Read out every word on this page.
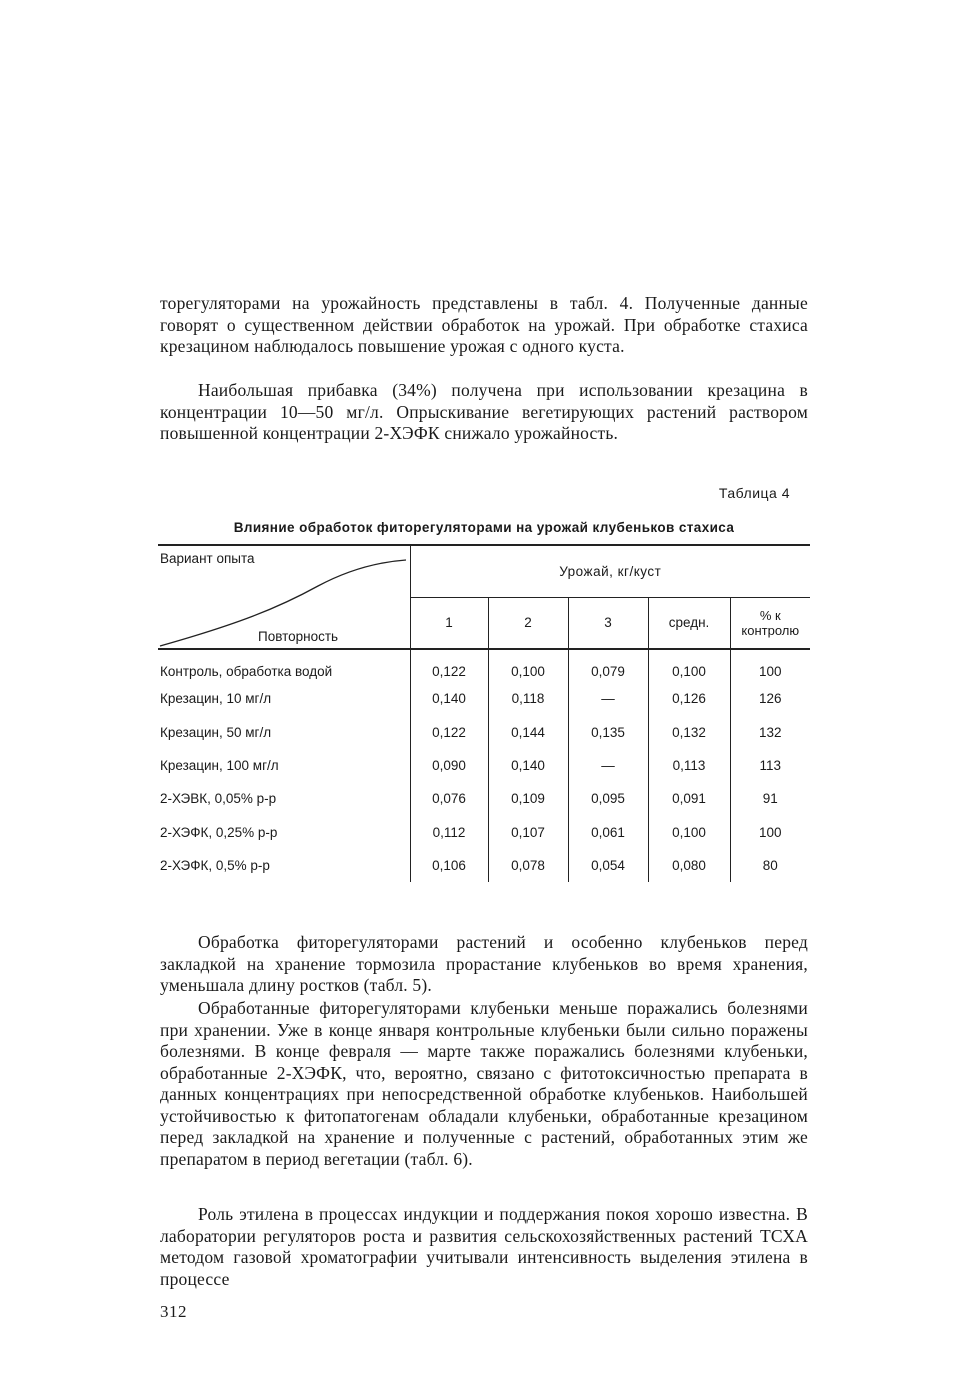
торегуляторами на урожайность представлены в табл. 4. Полученные данные говорят о существенном действии обработок на урожай. При обработке стахиса крезацином наблюдалось повышение урожая с одного куста.

Наибольшая прибавка (34%) получена при использовании крезацина в концентрации 10—50 мг/л. Опрыскивание вегетирующих растений раствором повышенной концентрации 2-ХЭФК снижало урожайность.

Таблица 4
Влияние обработок фиторегуляторами на урожай клубеньков стахиса
Вариант опыта
Повторность	Урожай, кг/куст				
	1	2	3	средн.	% к контролю
Контроль, обработка водой	0,122	0,100	0,079	0,100	100
Крезацин, 10 мг/л	0,140	0,118	—	0,126	126
Крезацин, 50 мг/л	0,122	0,144	0,135	0,132	132
Крезацин, 100 мг/л	0,090	0,140	—	0,113	113
2-ХЭВК, 0,05% р-р	0,076	0,109	0,095	0,091	91
2-ХЭФК, 0,25% р-р	0,112	0,107	0,061	0,100	100
2-ХЭФК, 0,5% р-р	0,106	0,078	0,054	0,080	80

Обработка фиторегуляторами растений и особенно клубеньков перед закладкой на хранение тормозила прорастание клубеньков во время хранения, уменьшала длину ростков (табл. 5).

Обработанные фиторегуляторами клубеньки меньше поражались болезнями при хранении. Уже в конце января контрольные клубеньки были сильно поражены болезнями. В конце февраля — марте также поражались болезнями клубеньки, обработанные 2-ХЭФК, что, вероятно, связано с фитотоксичностью препарата в данных концентрациях при непосредственной обработке клубеньков. Наибольшей устойчивостью к фитопатогенам обладали клубеньки, обработанные крезацином перед закладкой на хранение и полученные с растений, обработанных этим же препаратом в период вегетации (табл. 6).

Роль этилена в процессах индукции и поддержания покоя хорошо известна. В лаборатории регуляторов роста и развития сельскохозяйственных растений ТСХА методом газовой хроматографии учитывали интенсивность выделения этилена в процессе

312
